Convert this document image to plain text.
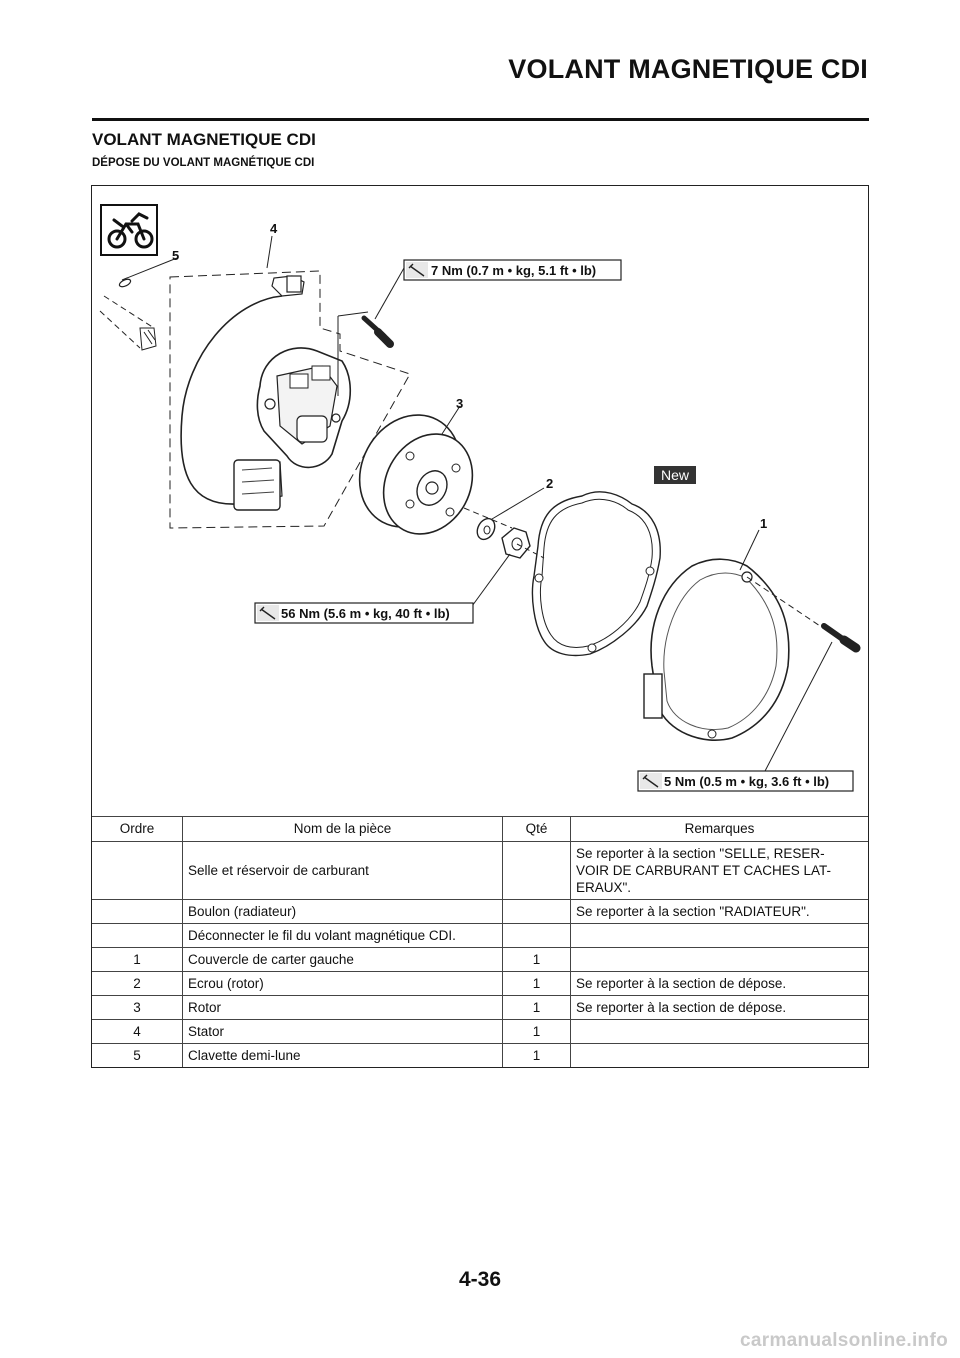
VOLANT MAGNETIQUE CDI
VOLANT MAGNETIQUE CDI
DÉPOSE DU VOLANT MAGNÉTIQUE CDI
4
5
3
2
1
7 Nm (0.7 m • kg, 5.1 ft • lb)
56 Nm (5.6 m • kg, 40 ft • lb)
5 Nm (0.5 m • kg, 3.6 ft • lb)
New
Ordre	Nom de la pièce	Qté	Remarques
	Selle et réservoir de carburant		Se reporter à la section "SELLE, RESER-
VOIR DE CARBURANT ET CACHES LAT-
ERAUX".
	Boulon (radiateur)		Se reporter à la section "RADIATEUR".
	Déconnecter le fil du volant magnétique CDI.		
1	Couvercle de carter gauche	1	
2	Ecrou (rotor)	1	Se reporter à la section de dépose.
3	Rotor	1	Se reporter à la section de dépose.
4	Stator	1	
5	Clavette demi-lune	1	
4-36
carmanualsonline.info
